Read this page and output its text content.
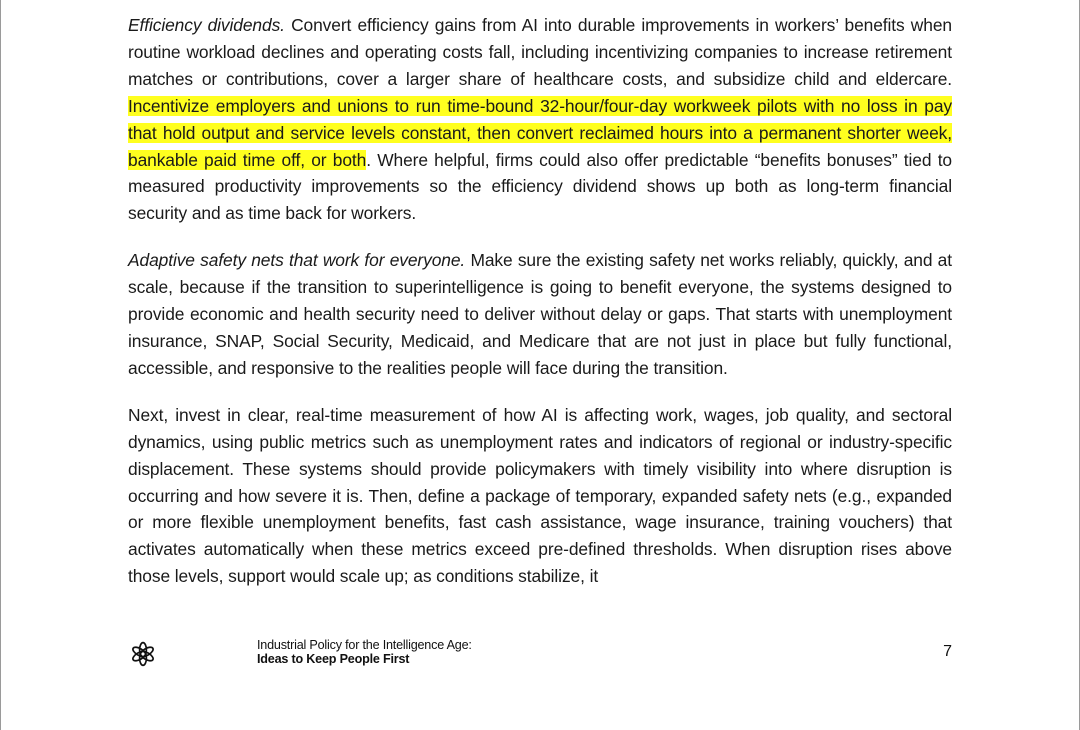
Efficiency dividends. Convert efficiency gains from AI into durable improvements in workers’ benefits when routine workload declines and operating costs fall, including incentivizing companies to increase retirement matches or contributions, cover a larger share of healthcare costs, and subsidize child and eldercare. Incentivize employers and unions to run time-bound 32-hour/four-day workweek pilots with no loss in pay that hold output and service levels constant, then convert reclaimed hours into a permanent shorter week, bankable paid time off, or both. Where helpful, firms could also offer predictable “benefits bonuses” tied to measured productivity improvements so the efficiency dividend shows up both as long-term financial security and as time back for workers.

Adaptive safety nets that work for everyone. Make sure the existing safety net works reliably, quickly, and at scale, because if the transition to superintelligence is going to benefit everyone, the systems designed to provide economic and health security need to deliver without delay or gaps. That starts with unemployment insurance, SNAP, Social Security, Medicaid, and Medicare that are not just in place but fully functional, accessible, and responsive to the realities people will face during the transition.

Next, invest in clear, real-time measurement of how AI is affecting work, wages, job quality, and sectoral dynamics, using public metrics such as unemployment rates and indicators of regional or industry-specific displacement. These systems should provide policymakers with timely visibility into where disruption is occurring and how severe it is. Then, define a package of temporary, expanded safety nets (e.g., expanded or more flexible unemployment benefits, fast cash assistance, wage insurance, training vouchers) that activates automatically when these metrics exceed pre-defined thresholds. When disruption rises above those levels, support would scale up; as conditions stabilize, it

Industrial Policy for the Intelligence Age:
Ideas to Keep People First	7
